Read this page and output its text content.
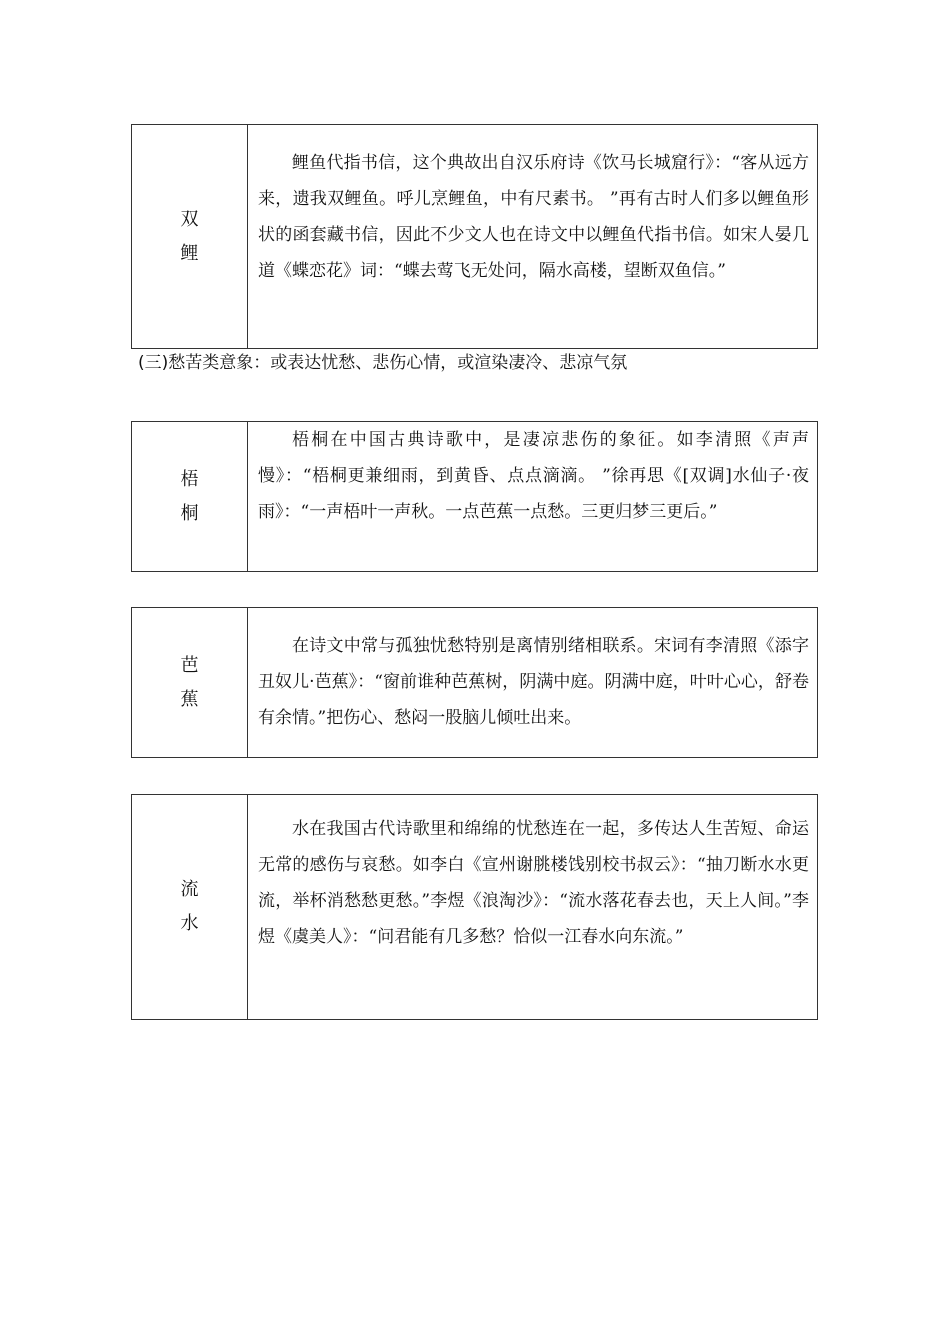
双
鲤

鲤鱼代指书信，这个典故出自汉乐府诗《饮马长城窟行》：“客从远方来，遗我双鲤鱼。呼儿烹鲤鱼，中有尺素书。 ”再有古时人们多以鲤鱼形状的函套藏书信，因此不少文人也在诗文中以鲤鱼代指书信。如宋人晏几道《蝶恋花》词：“蝶去莺飞无处问，隔水高楼，望断双鱼信。”

(三)愁苦类意象：或表达忧愁、悲伤心情，或渲染凄冷、悲凉气氛
梧
桐

梧桐在中国古典诗歌中，是凄凉悲伤的象征。如李清照《声声慢》：“梧桐更兼细雨，到黄昏、点点滴滴。 ”徐再思《[双调]水仙子·夜雨》：“一声梧叶一声秋。一点芭蕉一点愁。三更归梦三更后。”

芭
蕉

在诗文中常与孤独忧愁特别是离情别绪相联系。宋词有李清照《添字丑奴儿·芭蕉》：“窗前谁种芭蕉树，阴满中庭。阴满中庭，叶叶心心，舒卷有余情。”把伤心、愁闷一股脑儿倾吐出来。

流
水

水在我国古代诗歌里和绵绵的忧愁连在一起，多传达人生苦短、命运无常的感伤与哀愁。如李白《宣州谢朓楼饯别校书叔云》：“抽刀断水水更流，举杯消愁愁更愁。”李煜《浪淘沙》：“流水落花春去也，天上人间。”李煜《虞美人》：“问君能有几多愁？恰似一江春水向东流。”
